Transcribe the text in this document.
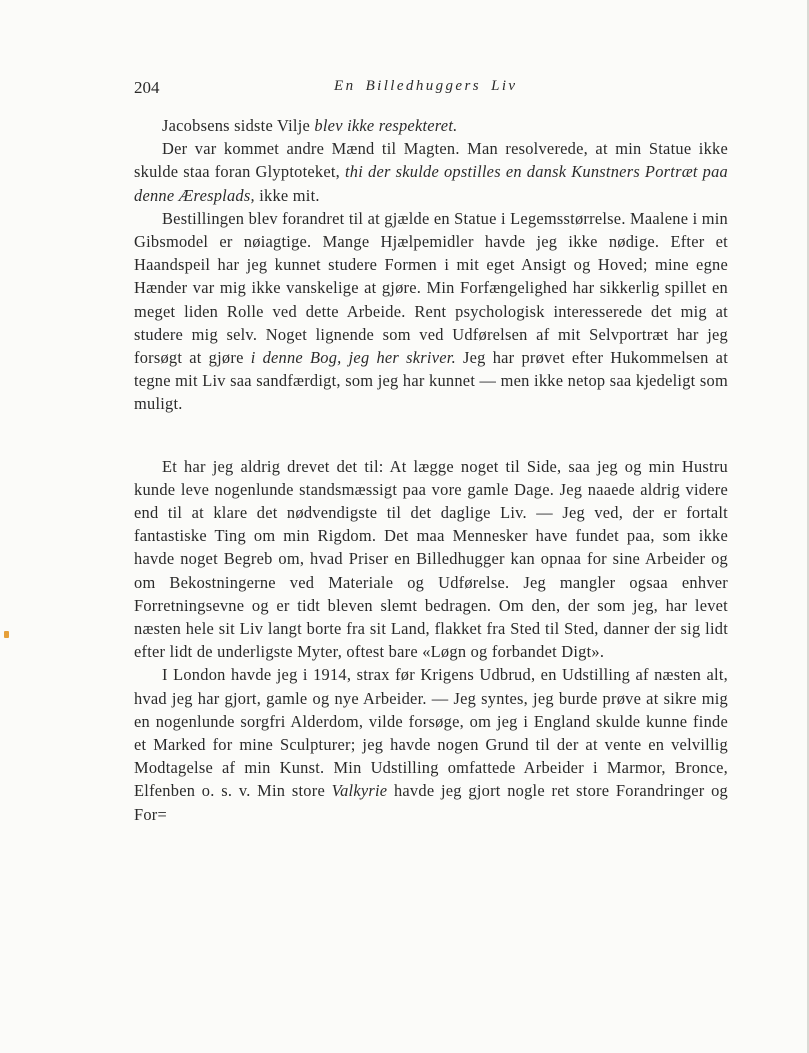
204	En Billedhuggers Liv

Jacobsens sidste Vilje blev ikke respekteret.

Der var kommet andre Mænd til Magten. Man resolverede, at min Statue ikke skulde staa foran Glyptoteket, thi der skulde opstilles en dansk Kunstners Portræt paa denne Æresplads, ikke mit.

Bestillingen blev forandret til at gjælde en Statue i Legemsstørrelse. Maalene i min Gibsmodel er nøiagtige. Mange Hjælpemidler havde jeg ikke nødige. Efter et Haandspeil har jeg kunnet studere Formen i mit eget Ansigt og Hoved; mine egne Hænder var mig ikke vanskelige at gjøre. Min Forfængelighed har sikkerlig spillet en meget liden Rolle ved dette Arbeide. Rent psychologisk interesserede det mig at studere mig selv. Noget lignende som ved Udførelsen af mit Selvportræt har jeg forsøgt at gjøre i denne Bog, jeg her skriver. Jeg har prøvet efter Hukommelsen at tegne mit Liv saa sandfærdigt, som jeg har kunnet — men ikke netop saa kjedeligt som muligt.

Et har jeg aldrig drevet det til: At lægge noget til Side, saa jeg og min Hustru kunde leve nogenlunde standsmæssigt paa vore gamle Dage. Jeg naaede aldrig videre end til at klare det nødvendigste til det daglige Liv. — Jeg ved, der er fortalt fantastiske Ting om min Rigdom. Det maa Mennesker have fundet paa, som ikke havde noget Begreb om, hvad Priser en Billedhugger kan opnaa for sine Arbeider og om Bekostningerne ved Materiale og Udførelse. Jeg mangler ogsaa enhver Forretningsevne og er tidt bleven slemt bedragen. Om den, der som jeg, har levet næsten hele sit Liv langt borte fra sit Land, flakket fra Sted til Sted, danner der sig lidt efter lidt de underligste Myter, oftest bare «Løgn og forbandet Digt».

I London havde jeg i 1914, strax før Krigens Udbrud, en Udstilling af næsten alt, hvad jeg har gjort, gamle og nye Arbeider. — Jeg syntes, jeg burde prøve at sikre mig en nogenlunde sorgfri Alderdom, vilde forsøge, om jeg i England skulde kunne finde et Marked for mine Sculpturer; jeg havde nogen Grund til der at vente en velvillig Modtagelse af min Kunst. Min Udstilling omfattede Arbeider i Marmor, Bronce, Elfenben o. s. v. Min store Valkyrie havde jeg gjort nogle ret store Forandringer og For=
